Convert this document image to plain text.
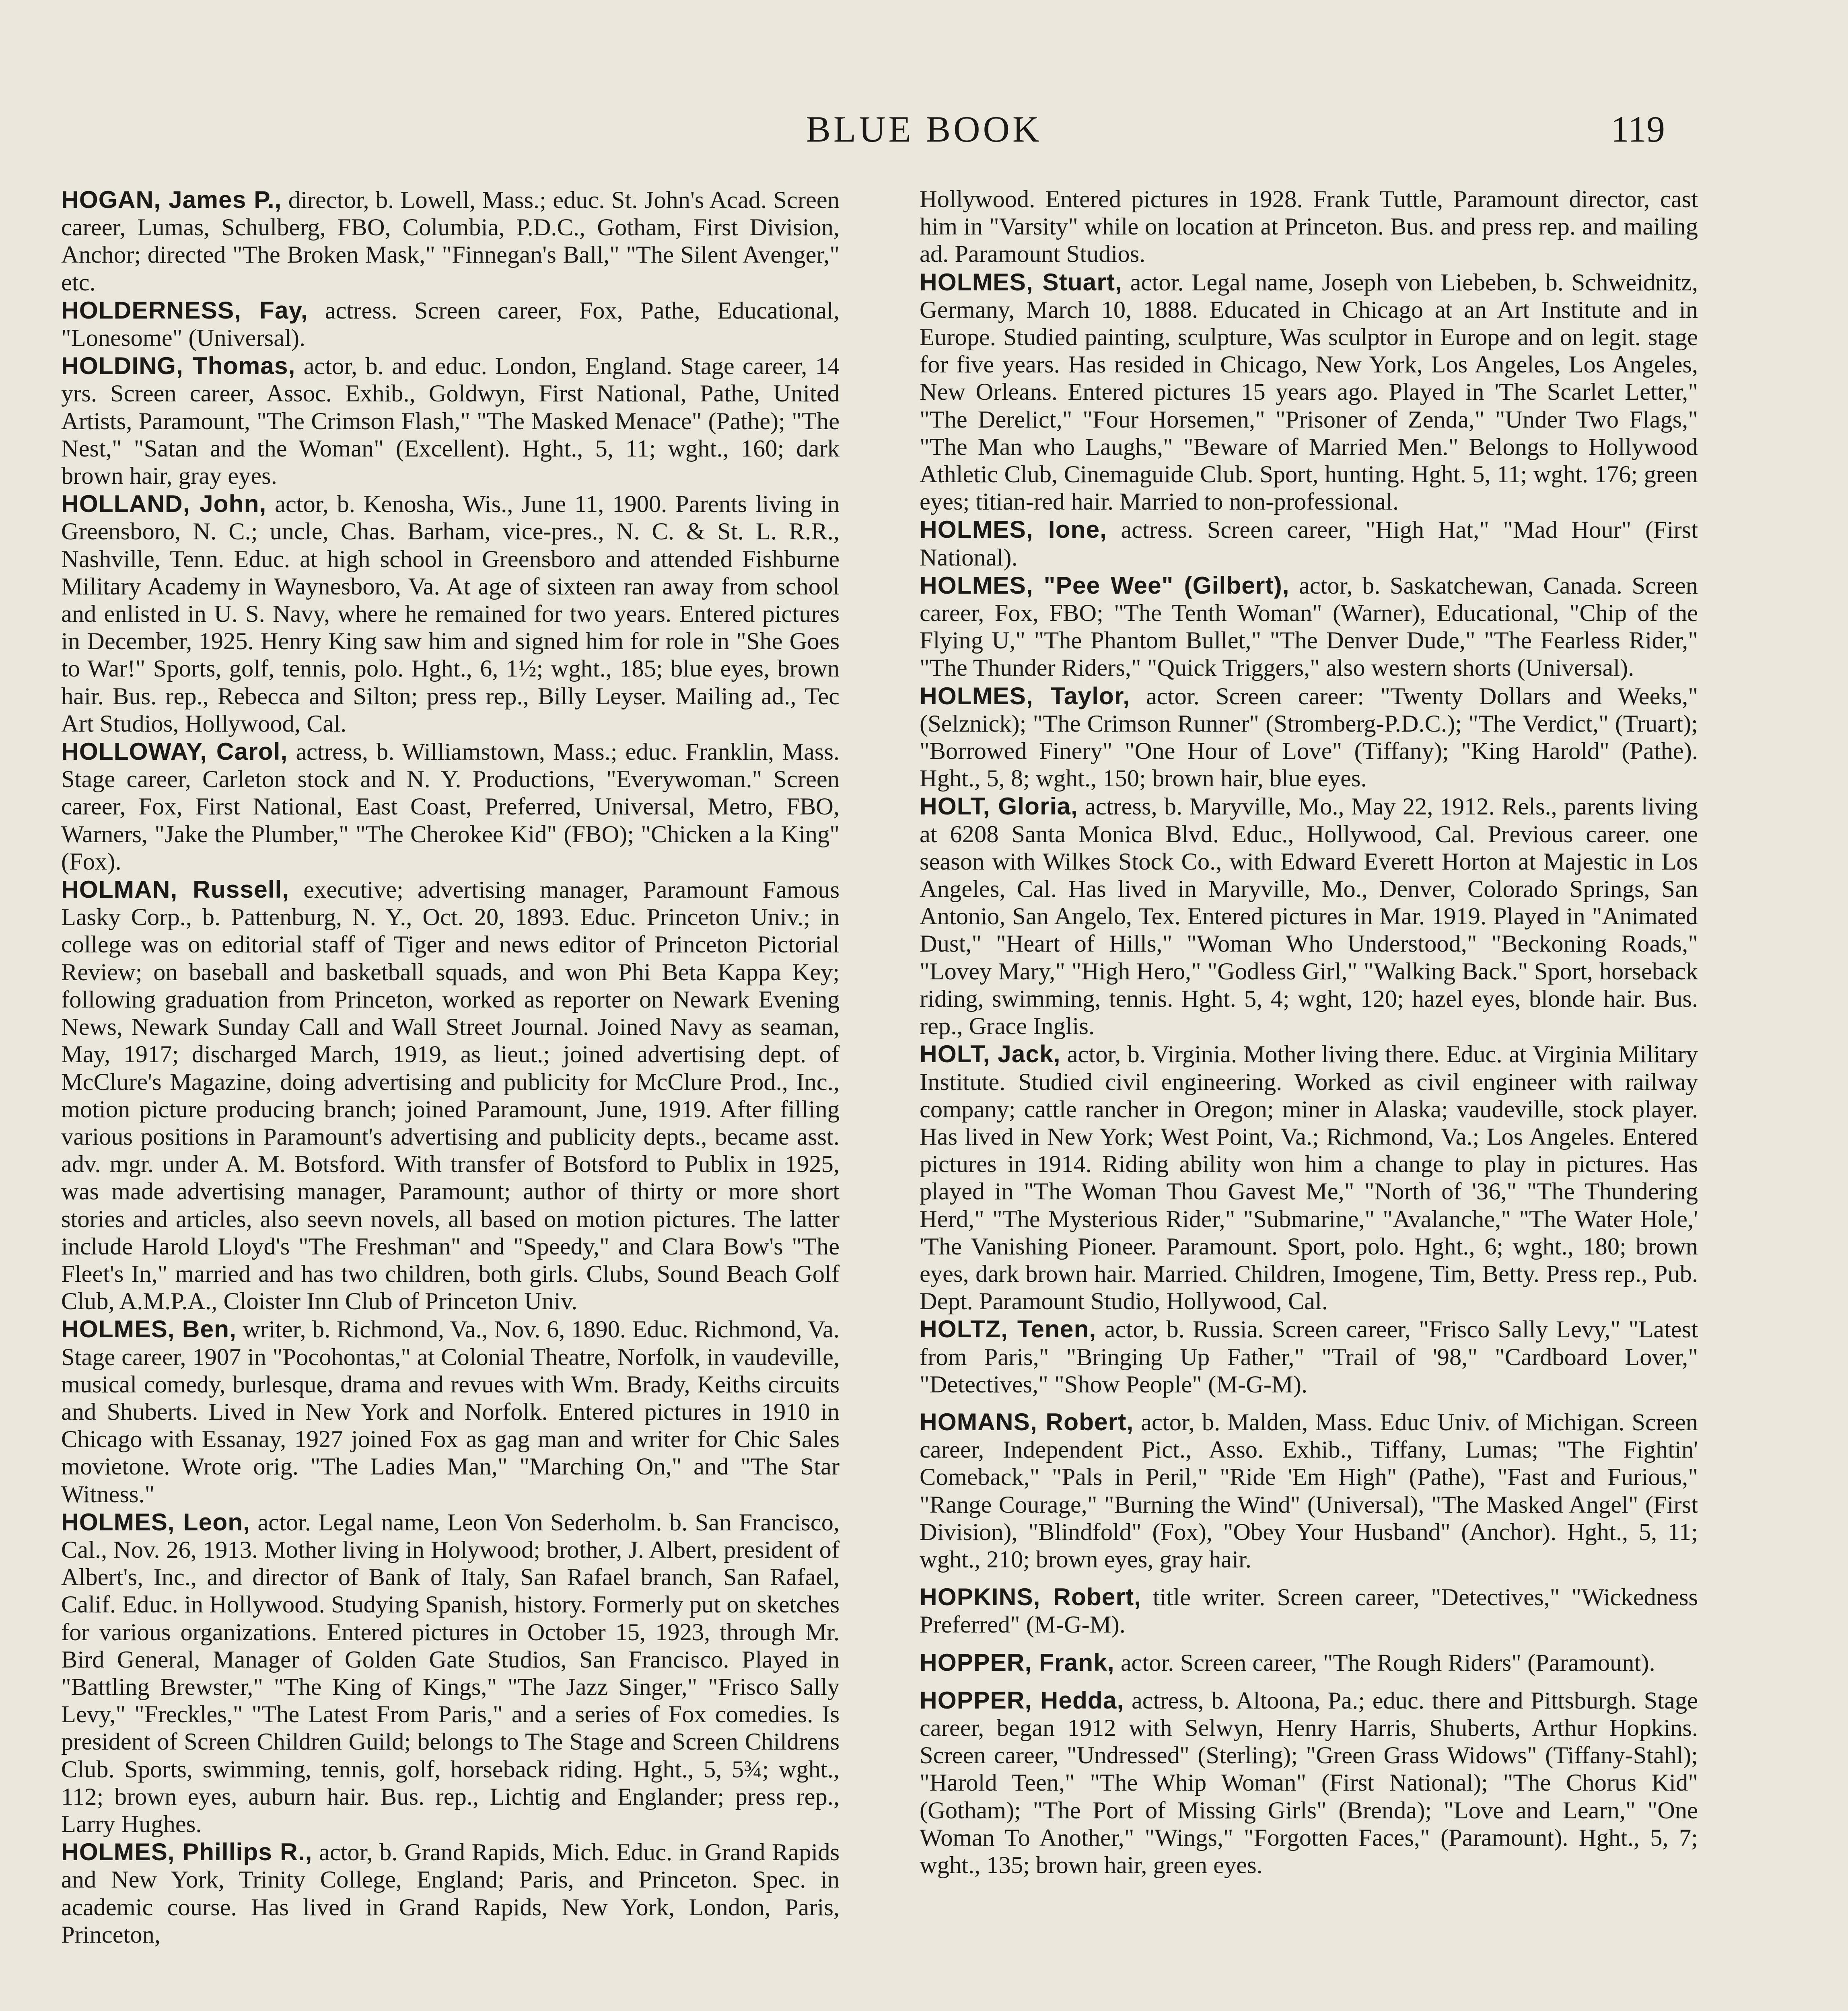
BLUE BOOK	119

HOGAN, James P., director, b. Lowell, Mass.; educ. St. John's Acad. Screen career, Lumas, Schulberg, FBO, Columbia, P.D.C., Gotham, First Division, Anchor; directed "The Broken Mask," "Finnegan's Ball," "The Silent Avenger," etc.

HOLDERNESS, Fay, actress. Screen career, Fox, Pathe, Educational, "Lonesome" (Universal).

HOLDING, Thomas, actor, b. and educ. London, England. Stage career, 14 yrs. Screen career, Assoc. Exhib., Goldwyn, First National, Pathe, United Artists, Paramount, "The Crimson Flash," "The Masked Menace" (Pathe); "The Nest," "Satan and the Woman" (Excellent). Hght., 5, 11; wght., 160; dark brown hair, gray eyes.

HOLLAND, John, actor, b. Kenosha, Wis., June 11, 1900. Parents living in Greensboro, N. C.; uncle, Chas. Barham, vice-pres., N. C. & St. L. R.R., Nashville, Tenn. Educ. at high school in Greensboro and attended Fishburne Military Academy in Waynesboro, Va. At age of sixteen ran away from school and enlisted in U. S. Navy, where he remained for two years. Entered pictures in December, 1925. Henry King saw him and signed him for role in "She Goes to War!" Sports, golf, tennis, polo. Hght., 6, 1½; wght., 185; blue eyes, brown hair. Bus. rep., Rebecca and Silton; press rep., Billy Leyser. Mailing ad., Tec Art Studios, Hollywood, Cal.

HOLLOWAY, Carol, actress, b. Williamstown, Mass.; educ. Franklin, Mass. Stage career, Carleton stock and N. Y. Productions, "Everywoman." Screen career, Fox, First National, East Coast, Preferred, Universal, Metro, FBO, Warners, "Jake the Plumber," "The Cherokee Kid" (FBO); "Chicken a la King" (Fox).

HOLMAN, Russell, executive; advertising manager, Paramount Famous Lasky Corp., b. Pattenburg, N. Y., Oct. 20, 1893. Educ. Princeton Univ.; in college was on editorial staff of Tiger and news editor of Princeton Pictorial Review; on baseball and basketball squads, and won Phi Beta Kappa Key; following graduation from Princeton, worked as reporter on Newark Evening News, Newark Sunday Call and Wall Street Journal. Joined Navy as seaman, May, 1917; discharged March, 1919, as lieut.; joined advertising dept. of McClure's Magazine, doing advertising and publicity for McClure Prod., Inc., motion picture producing branch; joined Paramount, June, 1919. After filling various positions in Paramount's advertising and publicity depts., became asst. adv. mgr. under A. M. Botsford. With transfer of Botsford to Publix in 1925, was made advertising manager, Paramount; author of thirty or more short stories and articles, also seevn novels, all based on motion pictures. The latter include Harold Lloyd's "The Freshman" and "Speedy," and Clara Bow's "The Fleet's In," married and has two children, both girls. Clubs, Sound Beach Golf Club, A.M.P.A., Cloister Inn Club of Princeton Univ.

HOLMES, Ben, writer, b. Richmond, Va., Nov. 6, 1890. Educ. Richmond, Va. Stage career, 1907 in "Pocohontas," at Colonial Theatre, Norfolk, in vaudeville, musical comedy, burlesque, drama and revues with Wm. Brady, Keiths circuits and Shuberts. Lived in New York and Norfolk. Entered pictures in 1910 in Chicago with Essanay, 1927 joined Fox as gag man and writer for Chic Sales movietone. Wrote orig. "The Ladies Man," "Marching On," and "The Star Witness."

HOLMES, Leon, actor. Legal name, Leon Von Sederholm. b. San Francisco, Cal., Nov. 26, 1913. Mother living in Holywood; brother, J. Albert, president of Albert's, Inc., and director of Bank of Italy, San Rafael branch, San Rafael, Calif. Educ. in Hollywood. Studying Spanish, history. Formerly put on sketches for various organizations. Entered pictures in October 15, 1923, through Mr. Bird General, Manager of Golden Gate Studios, San Francisco. Played in "Battling Brewster," "The King of Kings," "The Jazz Singer," "Frisco Sally Levy," "Freckles," "The Latest From Paris," and a series of Fox comedies. Is president of Screen Children Guild; belongs to The Stage and Screen Childrens Club. Sports, swimming, tennis, golf, horseback riding. Hght., 5, 5¾; wght., 112; brown eyes, auburn hair. Bus. rep., Lichtig and Englander; press rep., Larry Hughes.

HOLMES, Phillips R., actor, b. Grand Rapids, Mich. Educ. in Grand Rapids and New York, Trinity College, England; Paris, and Princeton. Spec. in academic course. Has lived in Grand Rapids, New York, London, Paris, Princeton,

Hollywood. Entered pictures in 1928. Frank Tuttle, Paramount director, cast him in "Varsity" while on location at Princeton. Bus. and press rep. and mailing ad. Paramount Studios.

HOLMES, Stuart, actor. Legal name, Joseph von Liebeben, b. Schweidnitz, Germany, March 10, 1888. Educated in Chicago at an Art Institute and in Europe. Studied painting, sculpture, Was sculptor in Europe and on legit. stage for five years. Has resided in Chicago, New York, Los Angeles, Los Angeles, New Orleans. Entered pictures 15 years ago. Played in 'The Scarlet Letter," "The Derelict," "Four Horsemen," "Prisoner of Zenda," "Under Two Flags," "The Man who Laughs," "Beware of Married Men." Belongs to Hollywood Athletic Club, Cinemaguide Club. Sport, hunting. Hght. 5, 11; wght. 176; green eyes; titian-red hair. Married to non-professional.

HOLMES, Ione, actress. Screen career, "High Hat," "Mad Hour" (First National).

HOLMES, "Pee Wee" (Gilbert), actor, b. Saskatchewan, Canada. Screen career, Fox, FBO; "The Tenth Woman" (Warner), Educational, "Chip of the Flying U," "The Phantom Bullet," "The Denver Dude," "The Fearless Rider," "The Thunder Riders," "Quick Triggers," also western shorts (Universal).

HOLMES, Taylor, actor. Screen career: "Twenty Dollars and Weeks," (Selznick); "The Crimson Runner" (Stromberg-P.D.C.); "The Verdict," (Truart); "Borrowed Finery" "One Hour of Love" (Tiffany); "King Harold" (Pathe). Hght., 5, 8; wght., 150; brown hair, blue eyes.

HOLT, Gloria, actress, b. Maryville, Mo., May 22, 1912. Rels., parents living at 6208 Santa Monica Blvd. Educ., Hollywood, Cal. Previous career. one season with Wilkes Stock Co., with Edward Everett Horton at Majestic in Los Angeles, Cal. Has lived in Maryville, Mo., Denver, Colorado Springs, San Antonio, San Angelo, Tex. Entered pictures in Mar. 1919. Played in "Animated Dust," "Heart of Hills," "Woman Who Understood," "Beckoning Roads," "Lovey Mary," "High Hero," "Godless Girl," "Walking Back." Sport, horseback riding, swimming, tennis. Hght. 5, 4; wght, 120; hazel eyes, blonde hair. Bus. rep., Grace Inglis.

HOLT, Jack, actor, b. Virginia. Mother living there. Educ. at Virginia Military Institute. Studied civil engineering. Worked as civil engineer with railway company; cattle rancher in Oregon; miner in Alaska; vaudeville, stock player. Has lived in New York; West Point, Va.; Richmond, Va.; Los Angeles. Entered pictures in 1914. Riding ability won him a change to play in pictures. Has played in "The Woman Thou Gavest Me," "North of '36," "The Thundering Herd," "The Mysterious Rider," "Submarine," "Avalanche," "The Water Hole,' 'The Vanishing Pioneer. Paramount. Sport, polo. Hght., 6; wght., 180; brown eyes, dark brown hair. Married. Children, Imogene, Tim, Betty. Press rep., Pub. Dept. Paramount Studio, Hollywood, Cal.

HOLTZ, Tenen, actor, b. Russia. Screen career, "Frisco Sally Levy," "Latest from Paris," "Bringing Up Father," "Trail of '98," "Cardboard Lover," "Detectives," "Show People" (M-G-M).

HOMANS, Robert, actor, b. Malden, Mass. Educ Univ. of Michigan. Screen career, Independent Pict., Asso. Exhib., Tiffany, Lumas; "The Fightin' Comeback," "Pals in Peril," "Ride 'Em High" (Pathe), "Fast and Furious," "Range Courage," "Burning the Wind" (Universal), "The Masked Angel" (First Division), "Blindfold" (Fox), "Obey Your Husband" (Anchor). Hght., 5, 11; wght., 210; brown eyes, gray hair.

HOPKINS, Robert, title writer. Screen career, "Detectives," "Wickedness Preferred" (M-G-M).

HOPPER, Frank, actor. Screen career, "The Rough Riders" (Paramount).

HOPPER, Hedda, actress, b. Altoona, Pa.; educ. there and Pittsburgh. Stage career, began 1912 with Selwyn, Henry Harris, Shuberts, Arthur Hopkins. Screen career, "Undressed" (Sterling); "Green Grass Widows" (Tiffany-Stahl); "Harold Teen," "The Whip Woman" (First National); "The Chorus Kid" (Gotham); "The Port of Missing Girls" (Brenda); "Love and Learn," "One Woman To Another," "Wings," "Forgotten Faces," (Paramount). Hght., 5, 7; wght., 135; brown hair, green eyes.
